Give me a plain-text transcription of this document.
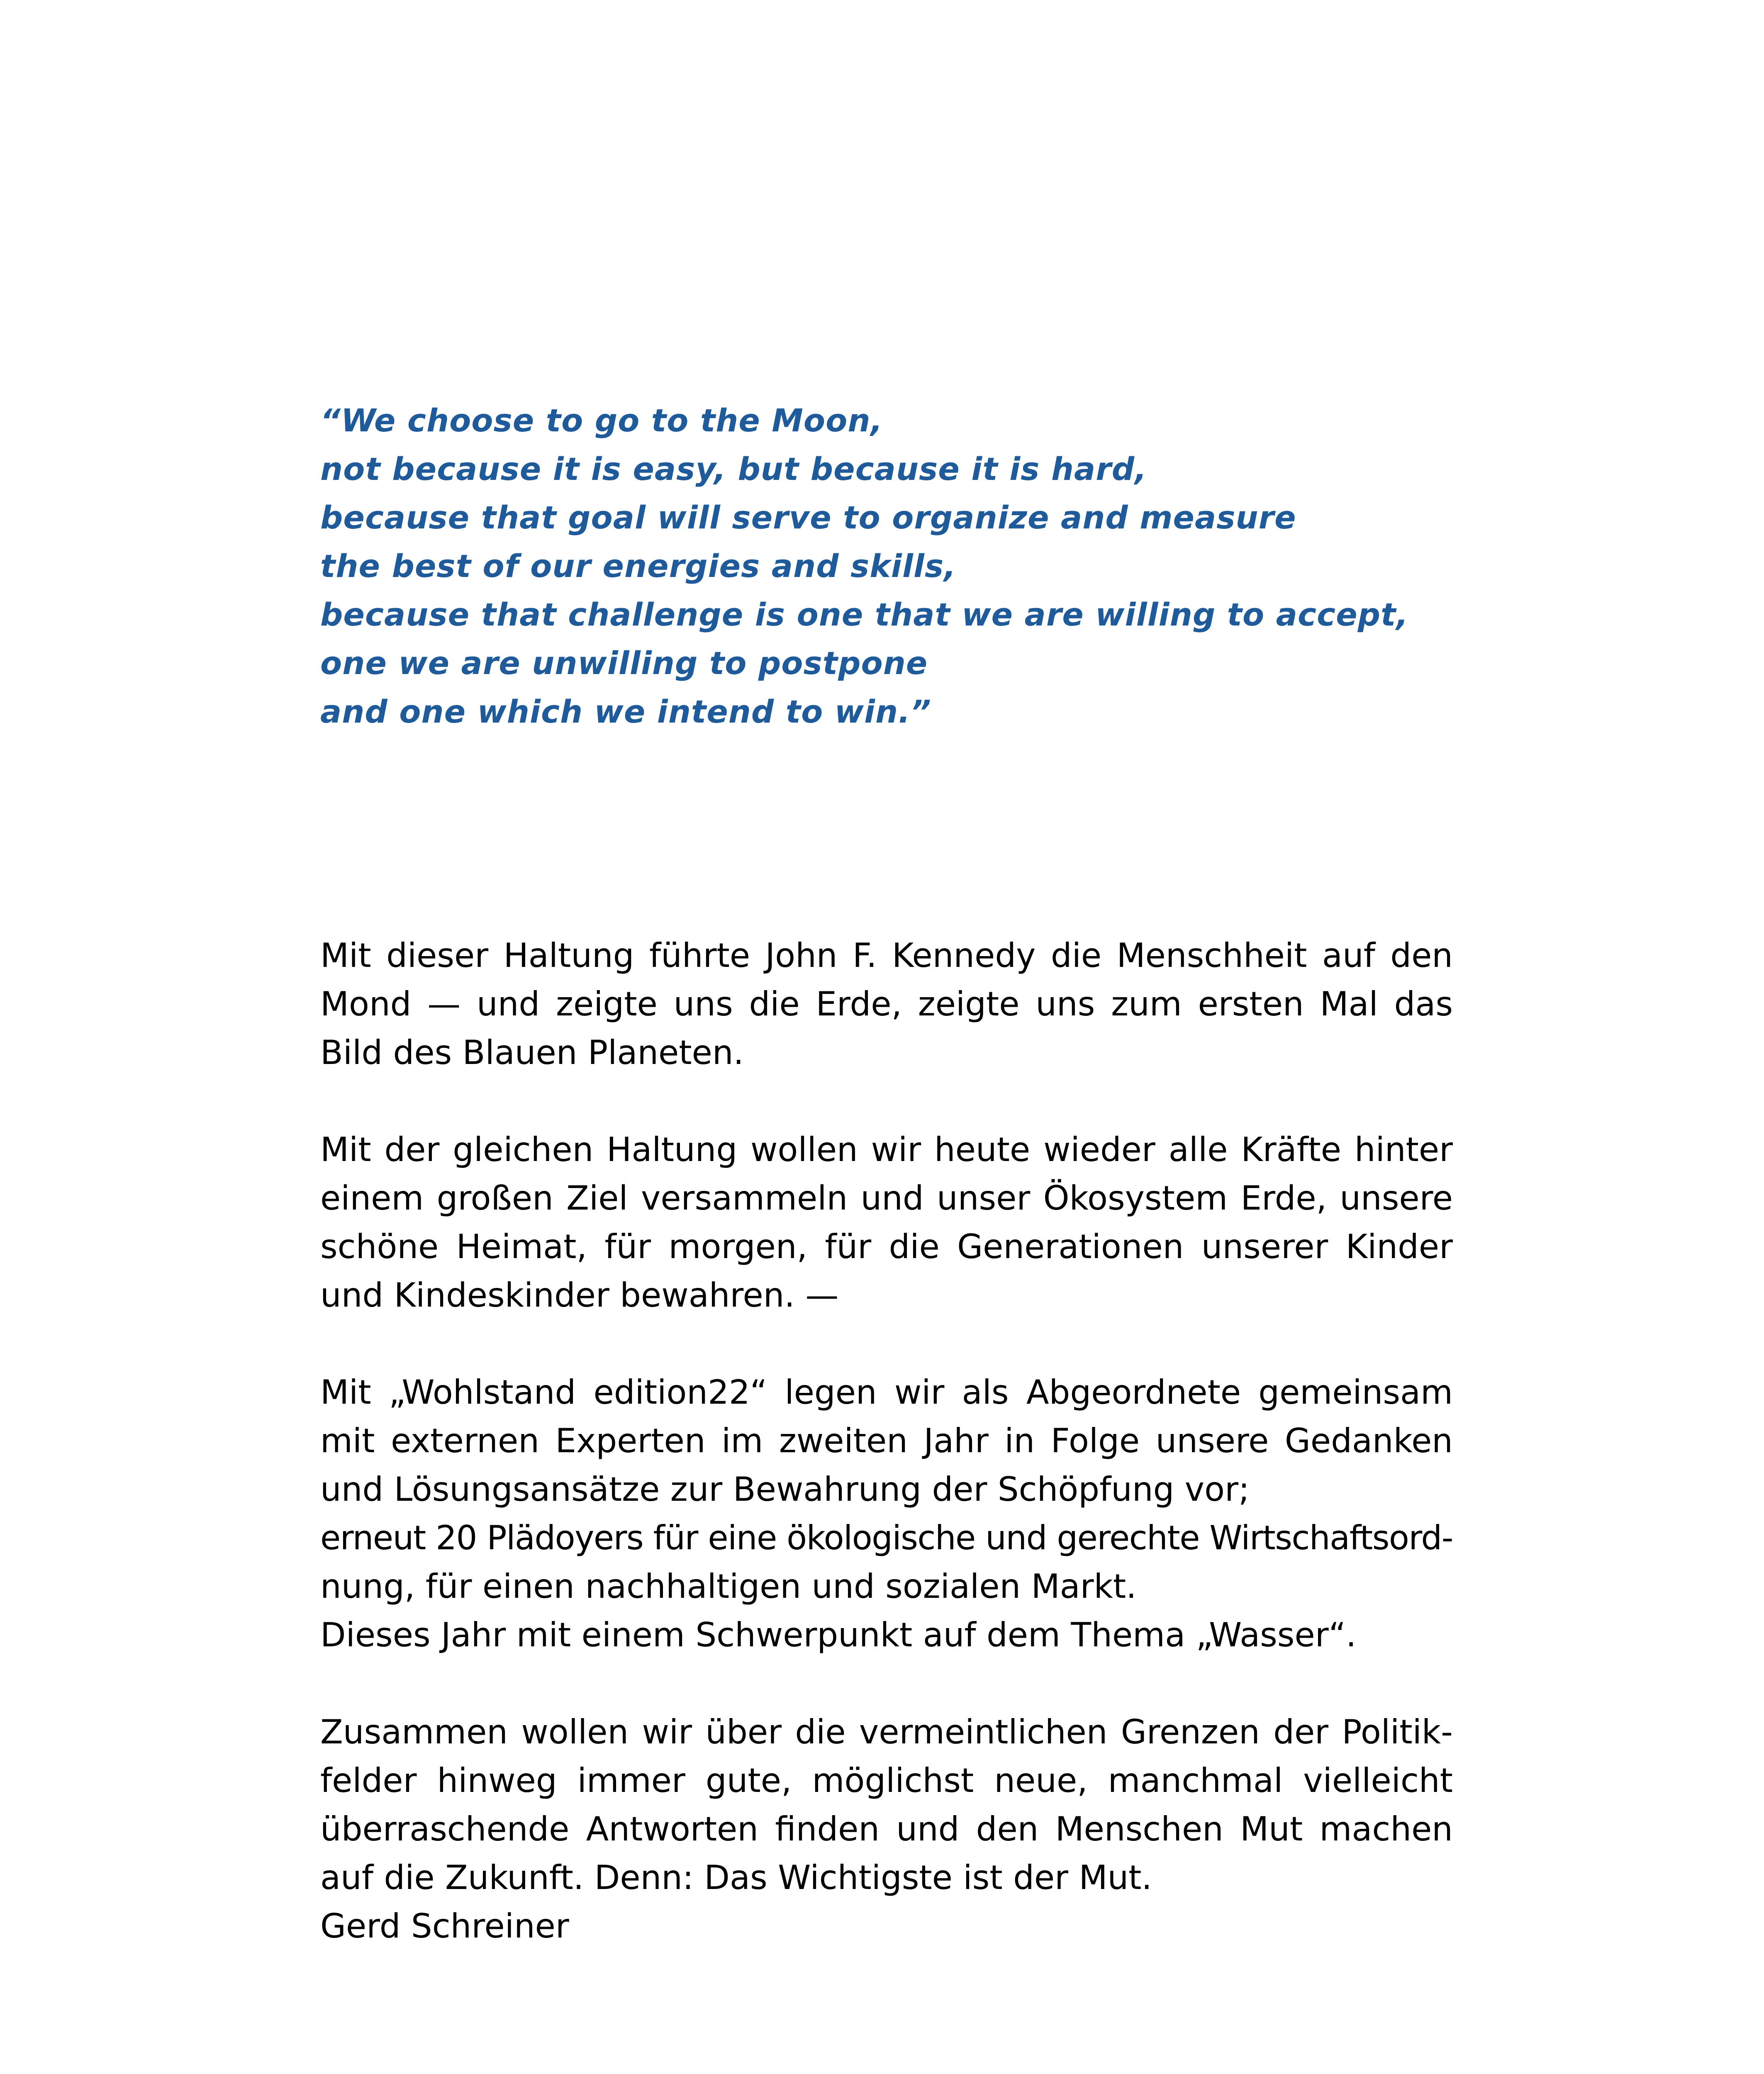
“We choose to go to the Moon,
not because it is easy, but because it is hard,
because that goal will serve to organize and measure
the best of our energies and skills,
because that challenge is one that we are willing to accept,
one we are unwilling to postpone
and one which we intend to win.”

Mit dieser Haltung führte John F. Kennedy die Menschheit auf den
Mond — und zeigte uns die Erde, zeigte uns zum ersten Mal das
Bild des Blauen Planeten.

Mit der gleichen Haltung wollen wir heute wieder alle Kräfte hinter
einem großen Ziel versammeln und unser Ökosystem Erde, unsere
schöne Heimat, für morgen, für die Generationen unserer Kinder
und Kindeskinder bewahren. —

Mit „Wohlstand edition22“ legen wir als Abgeordnete gemeinsam
mit externen Experten im zweiten Jahr in Folge unsere Gedanken
und Lösungsansätze zur Bewahrung der Schöpfung vor;
erneut 20 Plädoyers für eine ökologische und gerechte Wirtschaftsord-
nung, für einen nachhaltigen und sozialen Markt.
Dieses Jahr mit einem Schwerpunkt auf dem Thema „Wasser“.

Zusammen wollen wir über die vermeintlichen Grenzen der Politik-
felder hinweg immer gute, möglichst neue, manchmal vielleicht
überraschende Antworten finden und den Menschen Mut machen
auf die Zukunft. Denn: Das Wichtigste ist der Mut.
Gerd Schreiner
